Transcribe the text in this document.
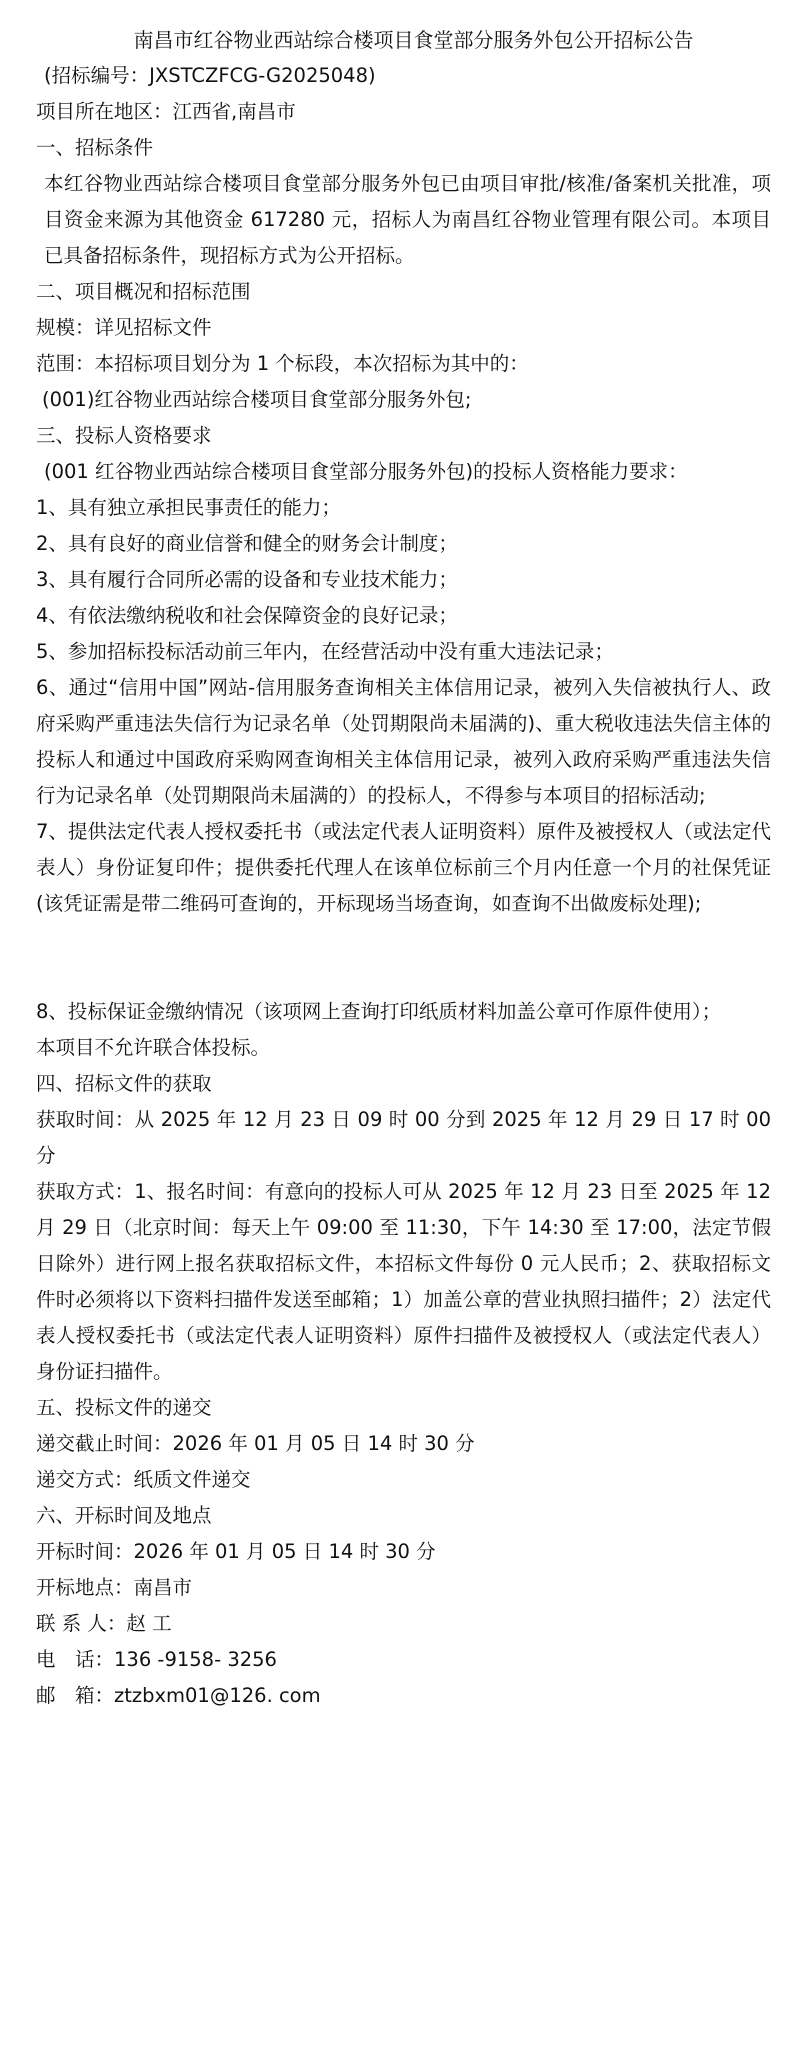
南昌市红谷物业西站综合楼项目食堂部分服务外包公开招标公告

(招标编号：JXSTCZFCG-G2025048)

项目所在地区：江西省,南昌市

一、招标条件

本红谷物业西站综合楼项目食堂部分服务外包已由项目审批/核准/备案机关批准，项目资金来源为其他资金 617280 元，招标人为南昌红谷物业管理有限公司。本项目已具备招标条件，现招标方式为公开招标。

二、项目概况和招标范围

规模：详见招标文件

范围：本招标项目划分为 1 个标段，本次招标为其中的：

(001)红谷物业西站综合楼项目食堂部分服务外包;

三、投标人资格要求

(001 红谷物业西站综合楼项目食堂部分服务外包)的投标人资格能力要求：

1、具有独立承担民事责任的能力；

2、具有良好的商业信誉和健全的财务会计制度；

3、具有履行合同所必需的设备和专业技术能力；

4、有依法缴纳税收和社会保障资金的良好记录；

5、参加招标投标活动前三年内，在经营活动中没有重大违法记录；

6、通过“信用中国”网站-信用服务查询相关主体信用记录，被列入失信被执行人、政府采购严重违法失信行为记录名单（处罚期限尚未届满的)、重大税收违法失信主体的投标人和通过中国政府采购网查询相关主体信用记录，被列入政府采购严重违法失信行为记录名单（处罚期限尚未届满的）的投标人，不得参与本项目的招标活动;

7、提供法定代表人授权委托书（或法定代表人证明资料）原件及被授权人（或法定代表人）身份证复印件；提供委托代理人在该单位标前三个月内任意一个月的社保凭证(该凭证需是带二维码可查询的，开标现场当场查询，如查询不出做废标处理);

8、投标保证金缴纳情况（该项网上查询打印纸质材料加盖公章可作原件使用）；

本项目不允许联合体投标。

四、招标文件的获取

获取时间：从 2025 年 12 月 23 日 09 时 00 分到 2025 年 12 月 29 日 17 时 00 分

获取方式：1、报名时间：有意向的投标人可从 2025 年 12 月 23 日至 2025 年 12 月 29 日（北京时间：每天上午 09:00 至 11:30，下午 14:30 至 17:00，法定节假日除外）进行网上报名获取招标文件，本招标文件每份 0 元人民币；2、获取招标文件时必须将以下资料扫描件发送至邮箱；1）加盖公章的营业执照扫描件；2）法定代表人授权委托书（或法定代表人证明资料）原件扫描件及被授权人（或法定代表人）身份证扫描件。

五、投标文件的递交

递交截止时间：2026 年 01 月 05 日 14 时 30 分

递交方式：纸质文件递交

六、开标时间及地点

开标时间：2026 年 01 月 05 日 14 时 30 分

开标地点：南昌市

联 系 人：赵 工

电　话：136 -9158- 3256

邮　箱：ztzbxm01@126. com
